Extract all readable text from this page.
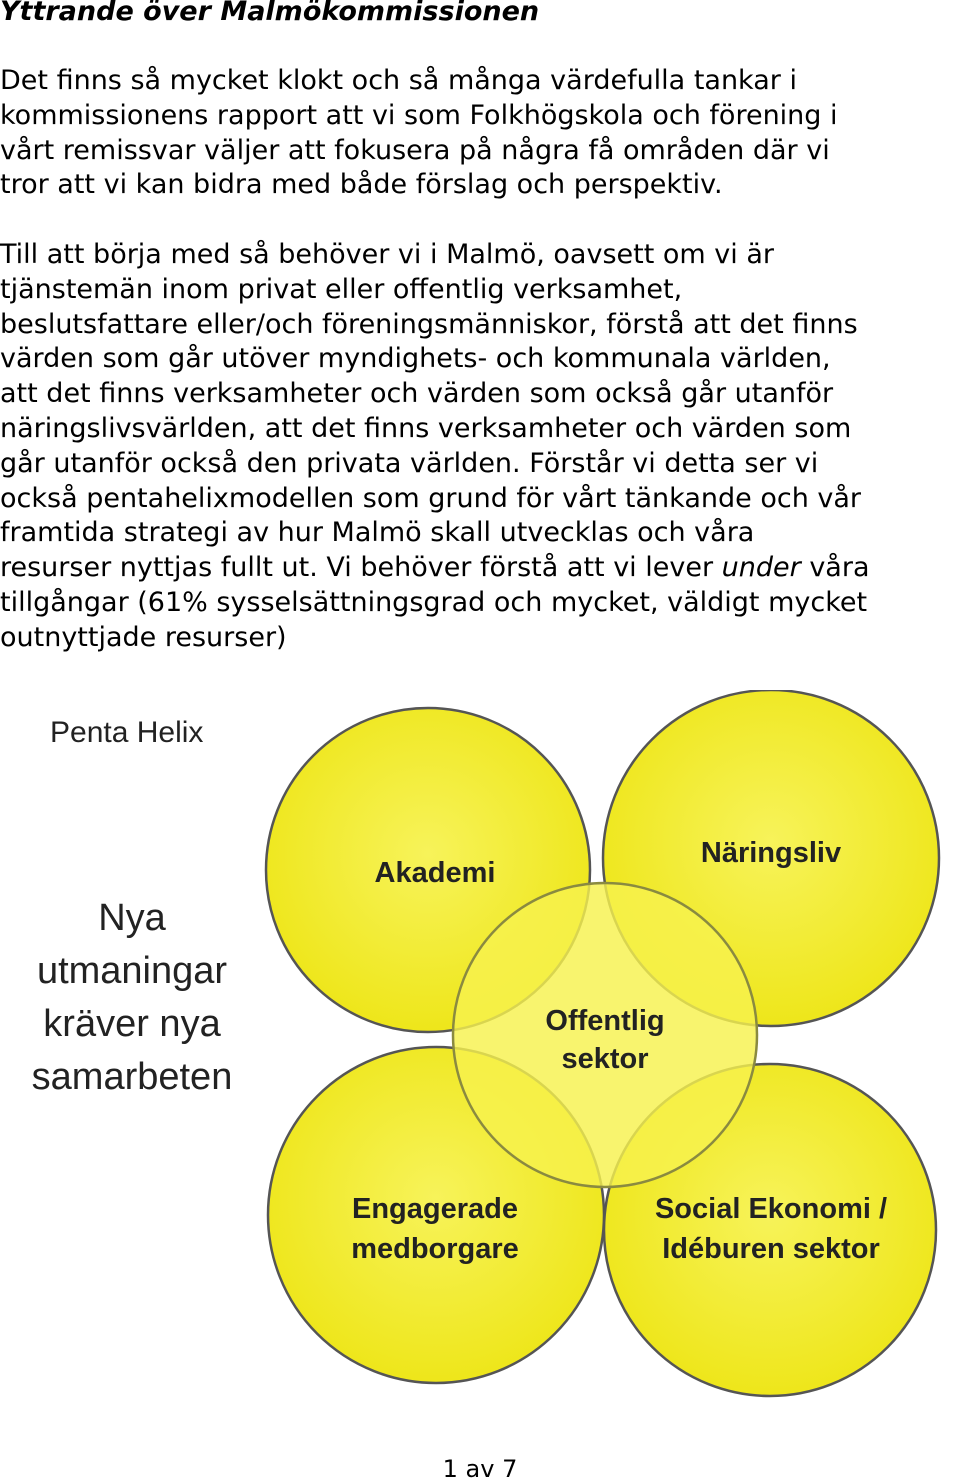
Yttrande över Malmökommissionen
Det finns så mycket klokt och så många värdefulla tankar i
kommissionens rapport att vi som Folkhögskola och förening i
vårt remissvar väljer att fokusera på några få områden där vi
tror att vi kan bidra med både förslag och perspektiv.
Till att börja med så behöver vi i Malmö, oavsett om vi är
tjänstemän inom privat eller offentlig verksamhet,
beslutsfattare eller/och föreningsmänniskor, förstå att det finns
värden som går utöver myndighets- och kommunala världen,
att det finns verksamheter och värden som också går utanför
näringslivsvärlden, att det finns verksamheter och värden som
går utanför också den privata världen. Förstår vi detta ser vi
också pentahelixmodellen som grund för vårt tänkande och vår
framtida strategi av hur Malmö skall utvecklas och våra
resurser nyttjas fullt ut. Vi behöver förstå att vi lever under våra
tillgångar (61% sysselsättningsgrad och mycket, väldigt mycket
outnyttjade resurser)
Penta Helix
Nya
utmaningar
kräver nya
samarbeten
Akademi
Näringsliv
Offentlig
sektor
Engagerade
medborgare
Social Ekonomi /
Idéburen sektor
1 av 7
